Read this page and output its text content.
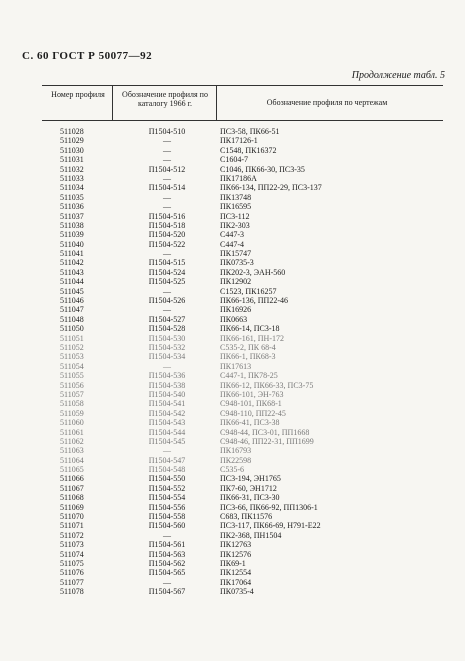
С. 60 ГОСТ Р 50077—92
Продолжение табл. 5
Номер профиля	Обозначение профиля по каталогу 1966 г.	Обозначение профиля по чертежам
511028	П1504-510	ПС3-58, ПК66-51
511029	—	ПК17126-1
511030	—	С1548, ПК16372
511031	—	С1604-7
511032	П1504-512	С1046, ПК66-30, ПС3-35
511033	—	ПК17186А
511034	П1504-514	ПК66-134, ПП22-29, ПС3-137
511035	—	ПК13748
511036	—	ПК16595
511037	П1504-516	ПС3-112
511038	П1504-518	ПК2-303
511039	П1504-520	С447-3
511040	П1504-522	С447-4
511041	—	ПК15747
511042	П1504-515	ПК0735-3
511043	П1504-524	ПК202-3, ЭАН-560
511044	П1504-525	ПК12902
511045	—	С1523, ПК16257
511046	П1504-526	ПК66-136, ПП22-46
511047	—	ПК16926
511048	П1504-527	ПК0663
511050	П1504-528	ПК66-14, ПС3-18
511051	П1504-530	ПК66-161, ПН-172
511052	П1504-532	С535-2, ПК 68-4
511053	П1504-534	ПК66-1, ПК68-3
511054	—	ПК17613
511055	П1504-536	С447-1, ПК78-25
511056	П1504-538	ПК66-12, ПК66-33, ПС3-75
511057	П1504-540	ПК66-101, ЭН-763
511058	П1504-541	С948-101, ПК68-1
511059	П1504-542	С948-110, ПП22-45
511060	П1504-543	ПК66-41, ПС3-38
511061	П1504-544	С948-44, ПС3-01, ПП1668
511062	П1504-545	С948-46, ПП22-31, ПП1699
511063	—	ПК16793
511064	П1504-547	ПК22598
511065	П1504-548	С535-6
511066	П1504-550	ПС3-194, ЭН1765
511067	П1504-552	ПК7-60, ЭН1712
511068	П1504-554	ПК66-31, ПС3-30
511069	П1504-556	ПС3-66, ПК66-92, ПП1306-1
511070	П1504-558	С683, ПК11576
511071	П1504-560	ПС3-117, ПК66-69, Н791-Е22
511072	—	ПК2-368, ПН1504
511073	П1504-561	ПК12763
511074	П1504-563	ПК12576
511075	П1504-562	ПК69-1
511076	П1504-565	ПК12554
511077	—	ПК17064
511078	П1504-567	ПК0735-4
